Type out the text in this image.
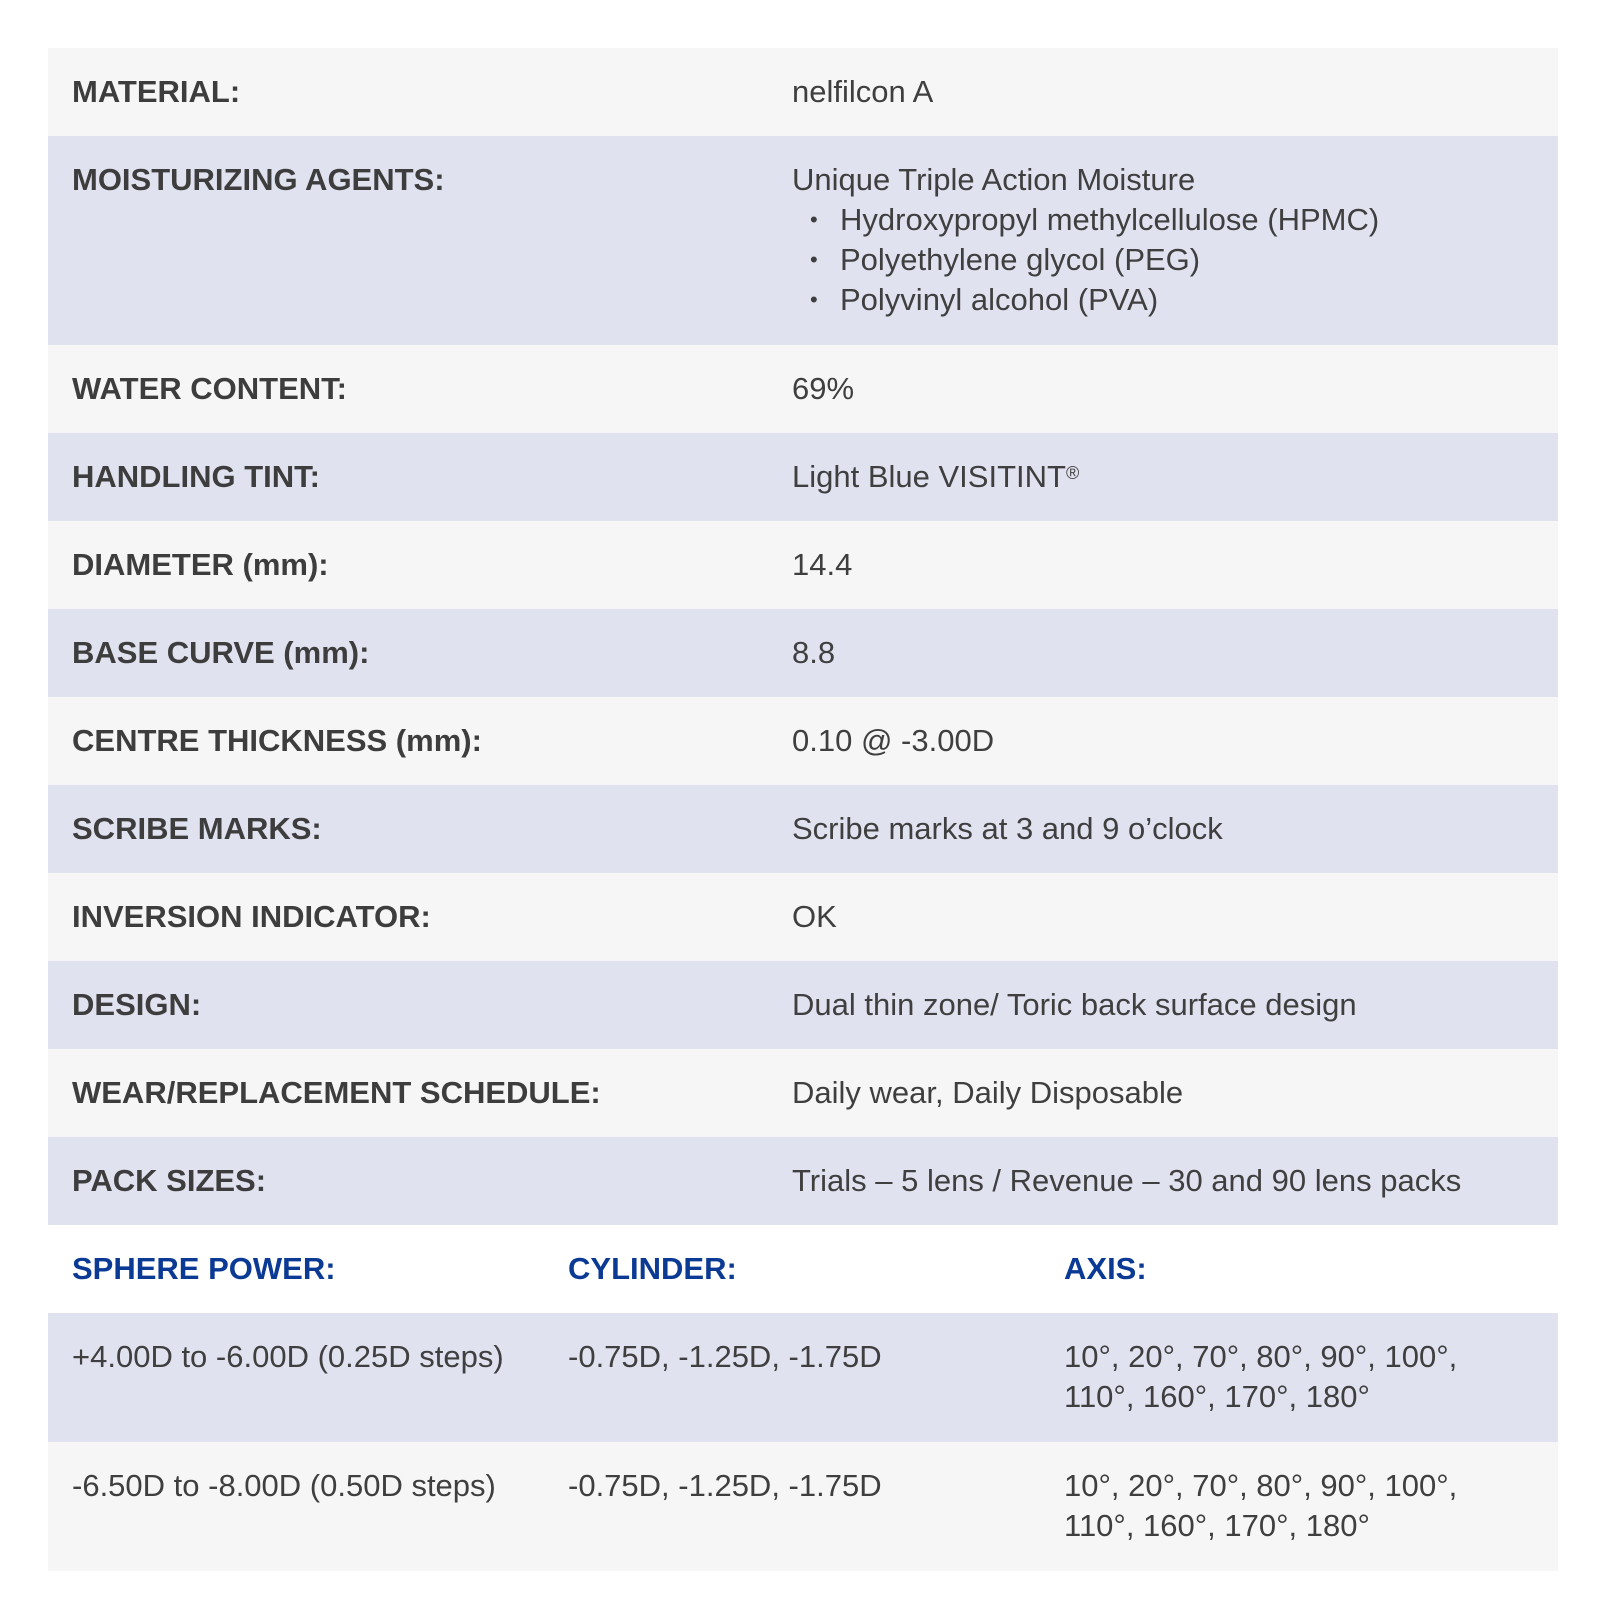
MATERIAL:	nelfilcon A
MOISTURIZING AGENTS:	Unique Triple Action Moisture
• Hydroxypropyl methylcellulose (HPMC)
• Polyethylene glycol (PEG)
• Polyvinyl alcohol (PVA)
WATER CONTENT:	69%
HANDLING TINT:	Light Blue VISITINT®
DIAMETER (mm):	14.4
BASE CURVE (mm):	8.8
CENTRE THICKNESS (mm):	0.10 @ -3.00D
SCRIBE MARKS:	Scribe marks at 3 and 9 o’clock
INVERSION INDICATOR:	OK
DESIGN:	Dual thin zone/ Toric back surface design
WEAR/REPLACEMENT SCHEDULE:	Daily wear, Daily Disposable
PACK SIZES:	Trials – 5 lens / Revenue – 30 and 90 lens packs
SPHERE POWER:	CYLINDER:	AXIS:
+4.00D to -6.00D (0.25D steps)	-0.75D, -1.25D, -1.75D	10°, 20°, 70°, 80°, 90°, 100°,
110°, 160°, 170°, 180°
-6.50D to -8.00D (0.50D steps)	-0.75D, -1.25D, -1.75D	10°, 20°, 70°, 80°, 90°, 100°,
110°, 160°, 170°, 180°
